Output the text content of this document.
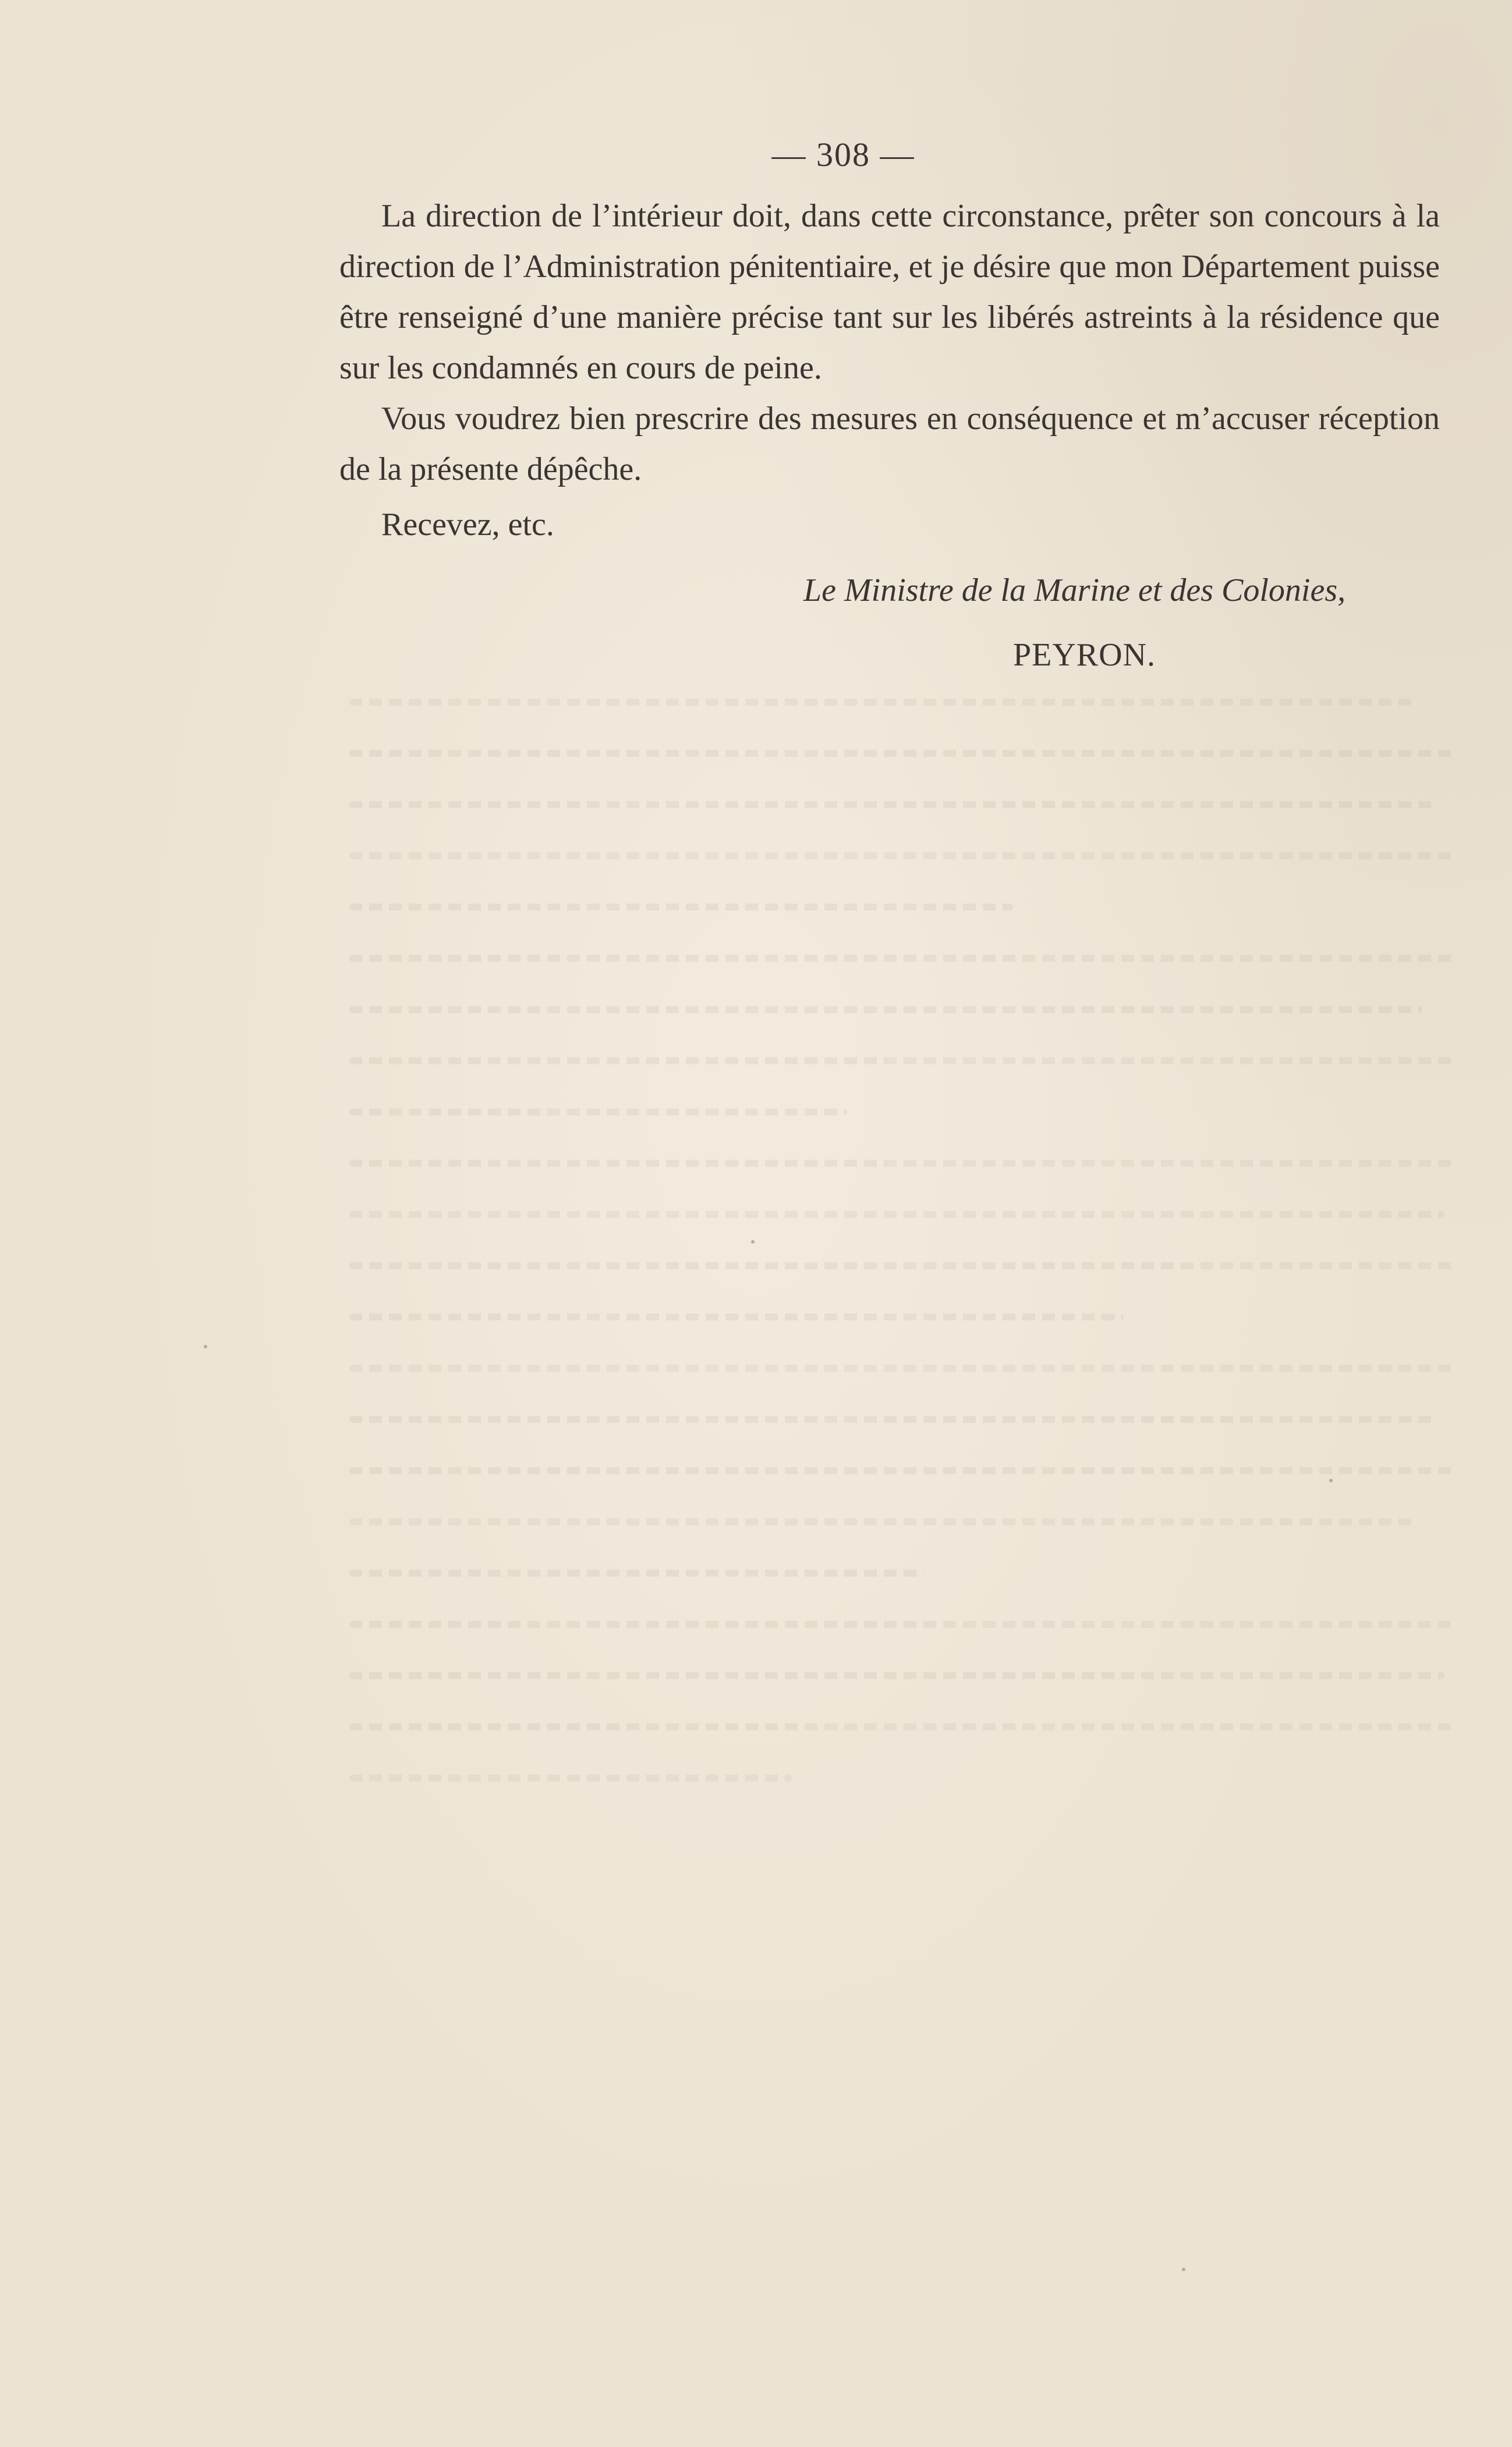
— 308 —

La direction de l’intérieur doit, dans cette circonstance, prêter son concours à la direction de l’Administration pénitentiaire, et je désire que mon Département puisse être renseigné d’une manière précise tant sur les libérés astreints à la résidence que sur les condamnés en cours de peine.

Vous voudrez bien prescrire des mesures en conséquence et m’accuser réception de la présente dépêche.

Recevez, etc.

Le Ministre de la Marine et des Colonies,
PEYRON.
